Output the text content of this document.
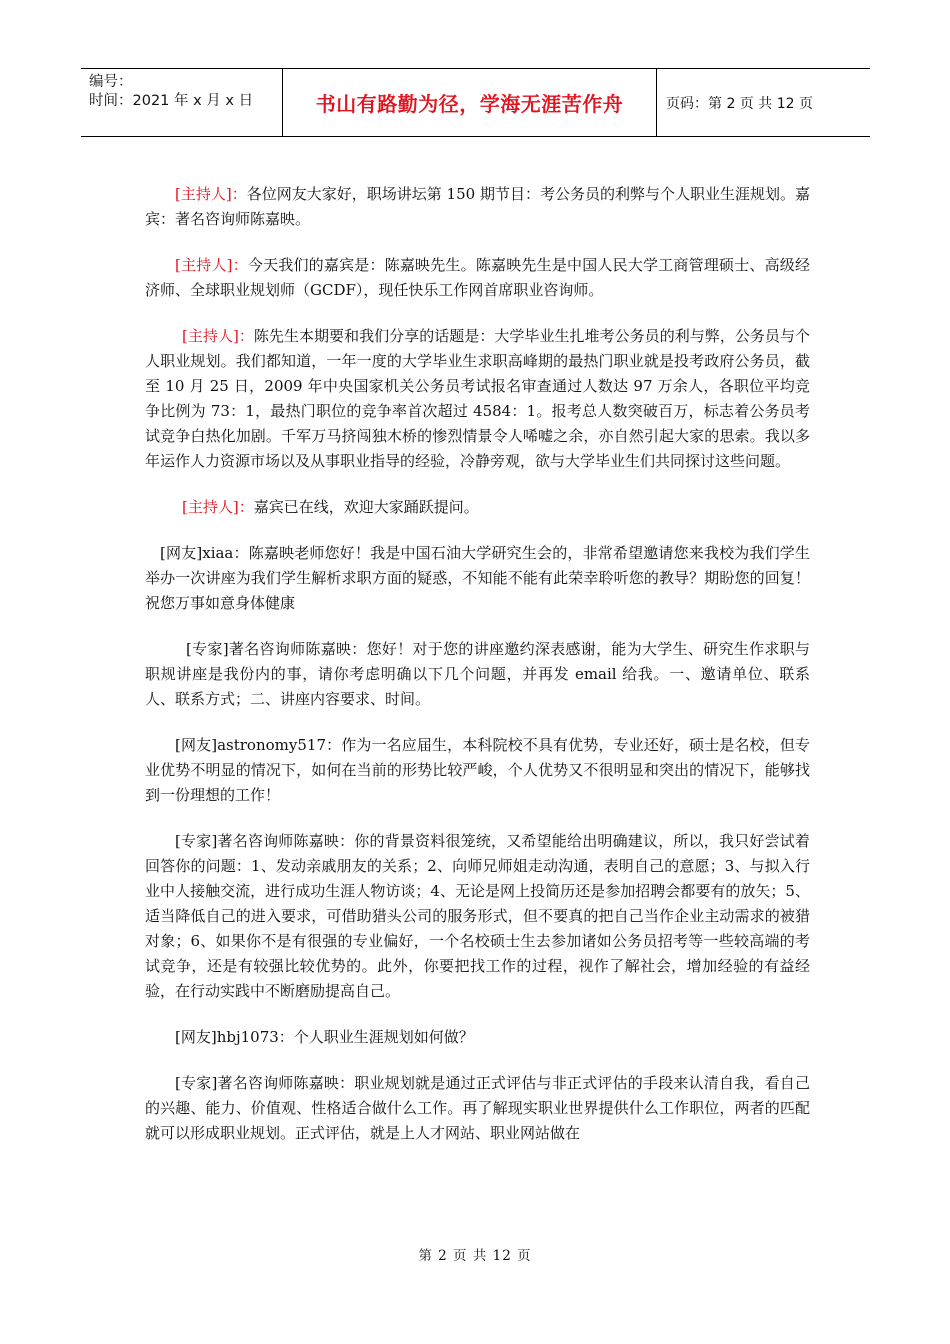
编号：
时间：2021 年 x 月 x 日	书山有路勤为径，学海无涯苦作舟	页码：第 2 页 共 12 页

[主持人]：各位网友大家好，职场讲坛第 150 期节目：考公务员的利弊与个人职业生涯规划。嘉宾：著名咨询师陈嘉映。

[主持人]：今天我们的嘉宾是：陈嘉映先生。陈嘉映先生是中国人民大学工商管理硕士、高级经济师、全球职业规划师（GCDF），现任快乐工作网首席职业咨询师。

[主持人]：陈先生本期要和我们分享的话题是：大学毕业生扎堆考公务员的利与弊，公务员与个人职业规划。我们都知道，一年一度的大学毕业生求职高峰期的最热门职业就是投考政府公务员，截至 10 月 25 日，2009 年中央国家机关公务员考试报名审查通过人数达 97 万余人，各职位平均竞争比例为 73：1，最热门职位的竞争率首次超过 4584：1。报考总人数突破百万，标志着公务员考试竞争白热化加剧。千军万马挤闯独木桥的惨烈情景令人唏嘘之余，亦自然引起大家的思索。我以多年运作人力资源市场以及从事职业指导的经验，冷静旁观，欲与大学毕业生们共同探讨这些问题。

[主持人]：嘉宾已在线，欢迎大家踊跃提问。

[网友]xiaa：陈嘉映老师您好！我是中国石油大学研究生会的，非常希望邀请您来我校为我们学生举办一次讲座为我们学生解析求职方面的疑惑，不知能不能有此荣幸聆听您的教导？期盼您的回复！祝您万事如意身体健康

[专家]著名咨询师陈嘉映：您好！对于您的讲座邀约深表感谢，能为大学生、研究生作求职与职规讲座是我份内的事，请你考虑明确以下几个问题，并再发 email 给我。一、邀请单位、联系人、联系方式；二、讲座内容要求、时间。

[网友]astronomy517：作为一名应届生，本科院校不具有优势，专业还好，硕士是名校，但专业优势不明显的情况下，如何在当前的形势比较严峻，个人优势又不很明显和突出的情况下，能够找到一份理想的工作！

[专家]著名咨询师陈嘉映：你的背景资料很笼统，又希望能给出明确建议，所以，我只好尝试着回答你的问题：1、发动亲戚朋友的关系；2、向师兄师姐走动沟通，表明自己的意愿；3、与拟入行业中人接触交流，进行成功生涯人物访谈；4、无论是网上投简历还是参加招聘会都要有的放矢；5、适当降低自己的进入要求，可借助猎头公司的服务形式，但不要真的把自己当作企业主动需求的被猎对象；6、如果你不是有很强的专业偏好，一个名校硕士生去参加诸如公务员招考等一些较高端的考试竞争，还是有较强比较优势的。此外，你要把找工作的过程，视作了解社会，增加经验的有益经验，在行动实践中不断磨励提高自己。

[网友]hbj1073：个人职业生涯规划如何做？

[专家]著名咨询师陈嘉映：职业规划就是通过正式评估与非正式评估的手段来认清自我，看自己的兴趣、能力、价值观、性格适合做什么工作。再了解现实职业世界提供什么工作职位，两者的匹配就可以形成职业规划。正式评估，就是上人才网站、职业网站做在

第 2 页 共 12 页
